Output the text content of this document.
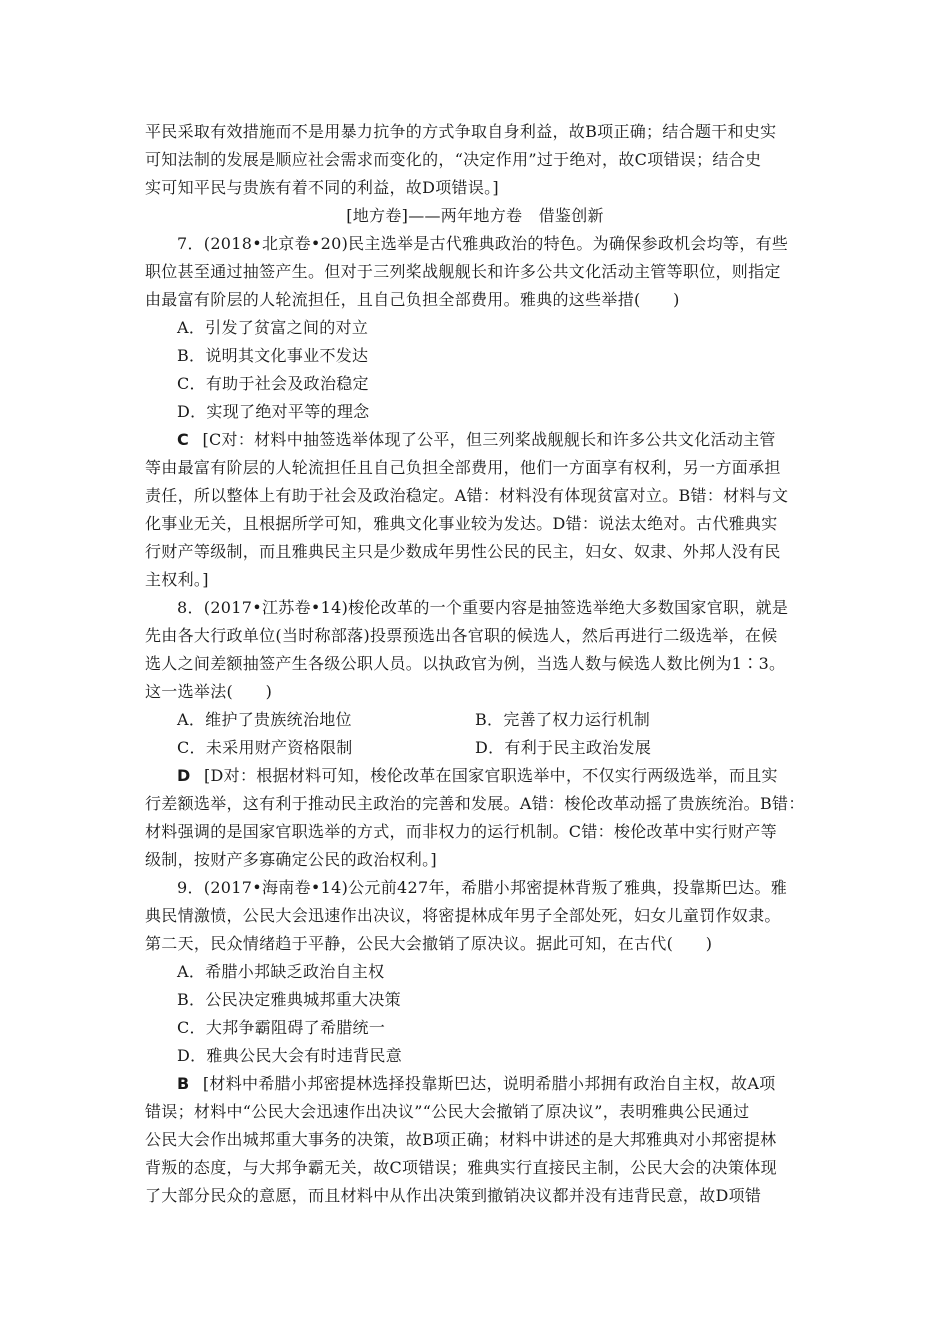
平民采取有效措施而不是用暴力抗争的方式争取自身利益，故B项正确；结合题干和史实
可知法制的发展是顺应社会需求而变化的，“决定作用”过于绝对，故C项错误；结合史
实可知平民与贵族有着不同的利益，故D项错误。]
[地方卷]——两年地方卷　借鉴创新
7．(2018•北京卷•20)民主选举是古代雅典政治的特色。为确保参政机会均等，有些
职位甚至通过抽签产生。但对于三列桨战舰舰长和许多公共文化活动主管等职位，则指定
由最富有阶层的人轮流担任，且自己负担全部费用。雅典的这些举措(　　)
A．引发了贫富之间的对立
B．说明其文化事业不发达
C．有助于社会及政治稳定
D．实现了绝对平等的理念
C [C对：材料中抽签选举体现了公平，但三列桨战舰舰长和许多公共文化活动主管
等由最富有阶层的人轮流担任且自己负担全部费用，他们一方面享有权利，另一方面承担
责任，所以整体上有助于社会及政治稳定。A错：材料没有体现贫富对立。B错：材料与文
化事业无关，且根据所学可知，雅典文化事业较为发达。D错：说法太绝对。古代雅典实
行财产等级制，而且雅典民主只是少数成年男性公民的民主，妇女、奴隶、外邦人没有民
主权利。]
8．(2017•江苏卷•14)梭伦改革的一个重要内容是抽签选举绝大多数国家官职，就是
先由各大行政单位(当时称部落)投票预选出各官职的候选人，然后再进行二级选举，在候
选人之间差额抽签产生各级公职人员。以执政官为例，当选人数与候选人数比例为1∶3。
这一选举法(　　)
A．维护了贵族统治地位	B．完善了权力运行机制
C．未采用财产资格限制	D．有利于民主政治发展
D [D对：根据材料可知，梭伦改革在国家官职选举中，不仅实行两级选举，而且实
行差额选举，这有利于推动民主政治的完善和发展。A错：梭伦改革动摇了贵族统治。B错：
材料强调的是国家官职选举的方式，而非权力的运行机制。C错：梭伦改革中实行财产等
级制，按财产多寡确定公民的政治权利。]
9．(2017•海南卷•14)公元前427年，希腊小邦密提林背叛了雅典，投靠斯巴达。雅
典民情激愤，公民大会迅速作出决议，将密提林成年男子全部处死，妇女儿童罚作奴隶。
第二天，民众情绪趋于平静，公民大会撤销了原决议。据此可知，在古代(　　)
A．希腊小邦缺乏政治自主权
B．公民决定雅典城邦重大决策
C．大邦争霸阻碍了希腊统一
D．雅典公民大会有时违背民意
B [材料中希腊小邦密提林选择投靠斯巴达，说明希腊小邦拥有政治自主权，故A项
错误；材料中“公民大会迅速作出决议”“公民大会撤销了原决议”，表明雅典公民通过
公民大会作出城邦重大事务的决策，故B项正确；材料中讲述的是大邦雅典对小邦密提林
背叛的态度，与大邦争霸无关，故C项错误；雅典实行直接民主制，公民大会的决策体现
了大部分民众的意愿，而且材料中从作出决策到撤销决议都并没有违背民意，故D项错
